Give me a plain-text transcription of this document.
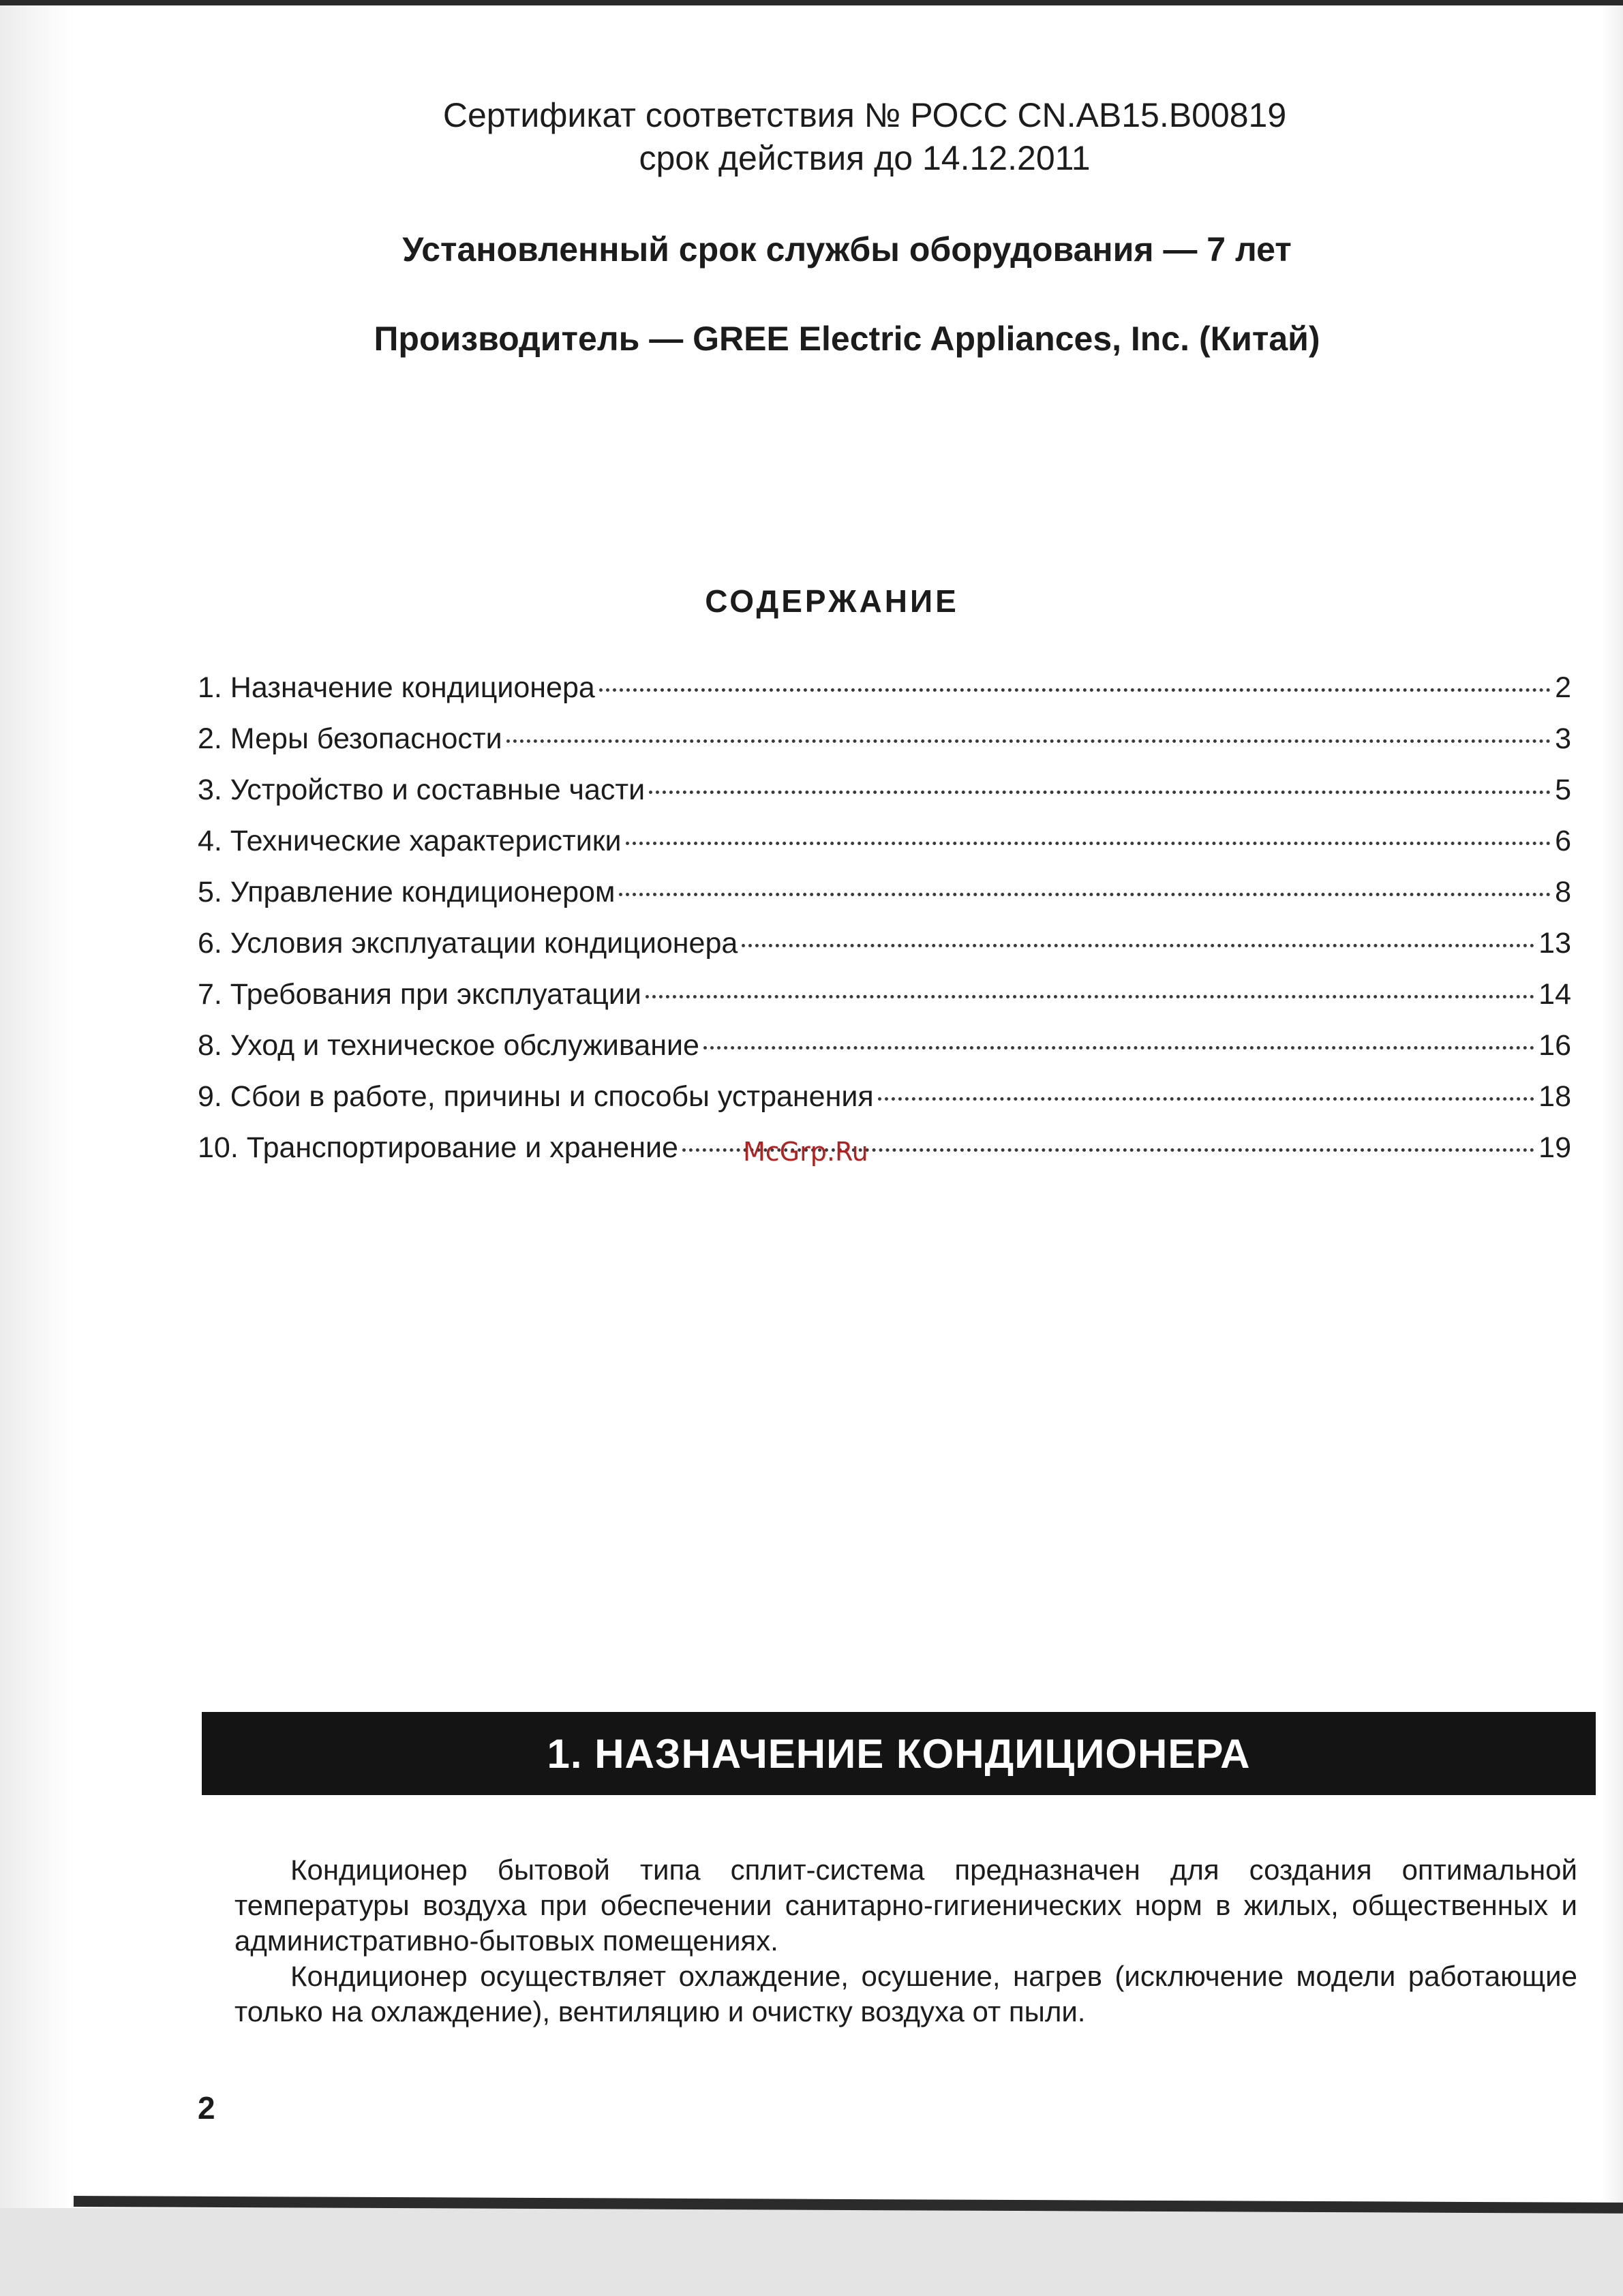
Сертификат соответствия № РОСС CN.AB15.B00819
срок действия до 14.12.2011
Установленный срок службы оборудования — 7 лет
Производитель — GREE Electric Appliances, Inc. (Китай)
СОДЕРЖАНИЕ
1. Назначение кондиционера	2
2. Меры безопасности	3
3. Устройство и составные части	5
4. Технические характеристики	6
5. Управление кондиционером	8
6. Условия эксплуатации кондиционера	13
7. Требования при эксплуатации	14
8. Уход и техническое обслуживание	16
9. Сбои в работе, причины и способы устранения	18
10. Транспортирование и хранение	19
McGrp.Ru
1. НАЗНАЧЕНИЕ КОНДИЦИОНЕРА

Кондиционер бытовой типа сплит-система предназначен для создания оптимальной температуры воздуха при обеспечении санитарно-гигиенических норм в жилых, общественных и административно-бытовых помещениях.

Кондиционер осуществляет охлаждение, осушение, нагрев (исключение модели работающие только на охлаждение), вентиляцию и очистку воздуха от пыли.

2
